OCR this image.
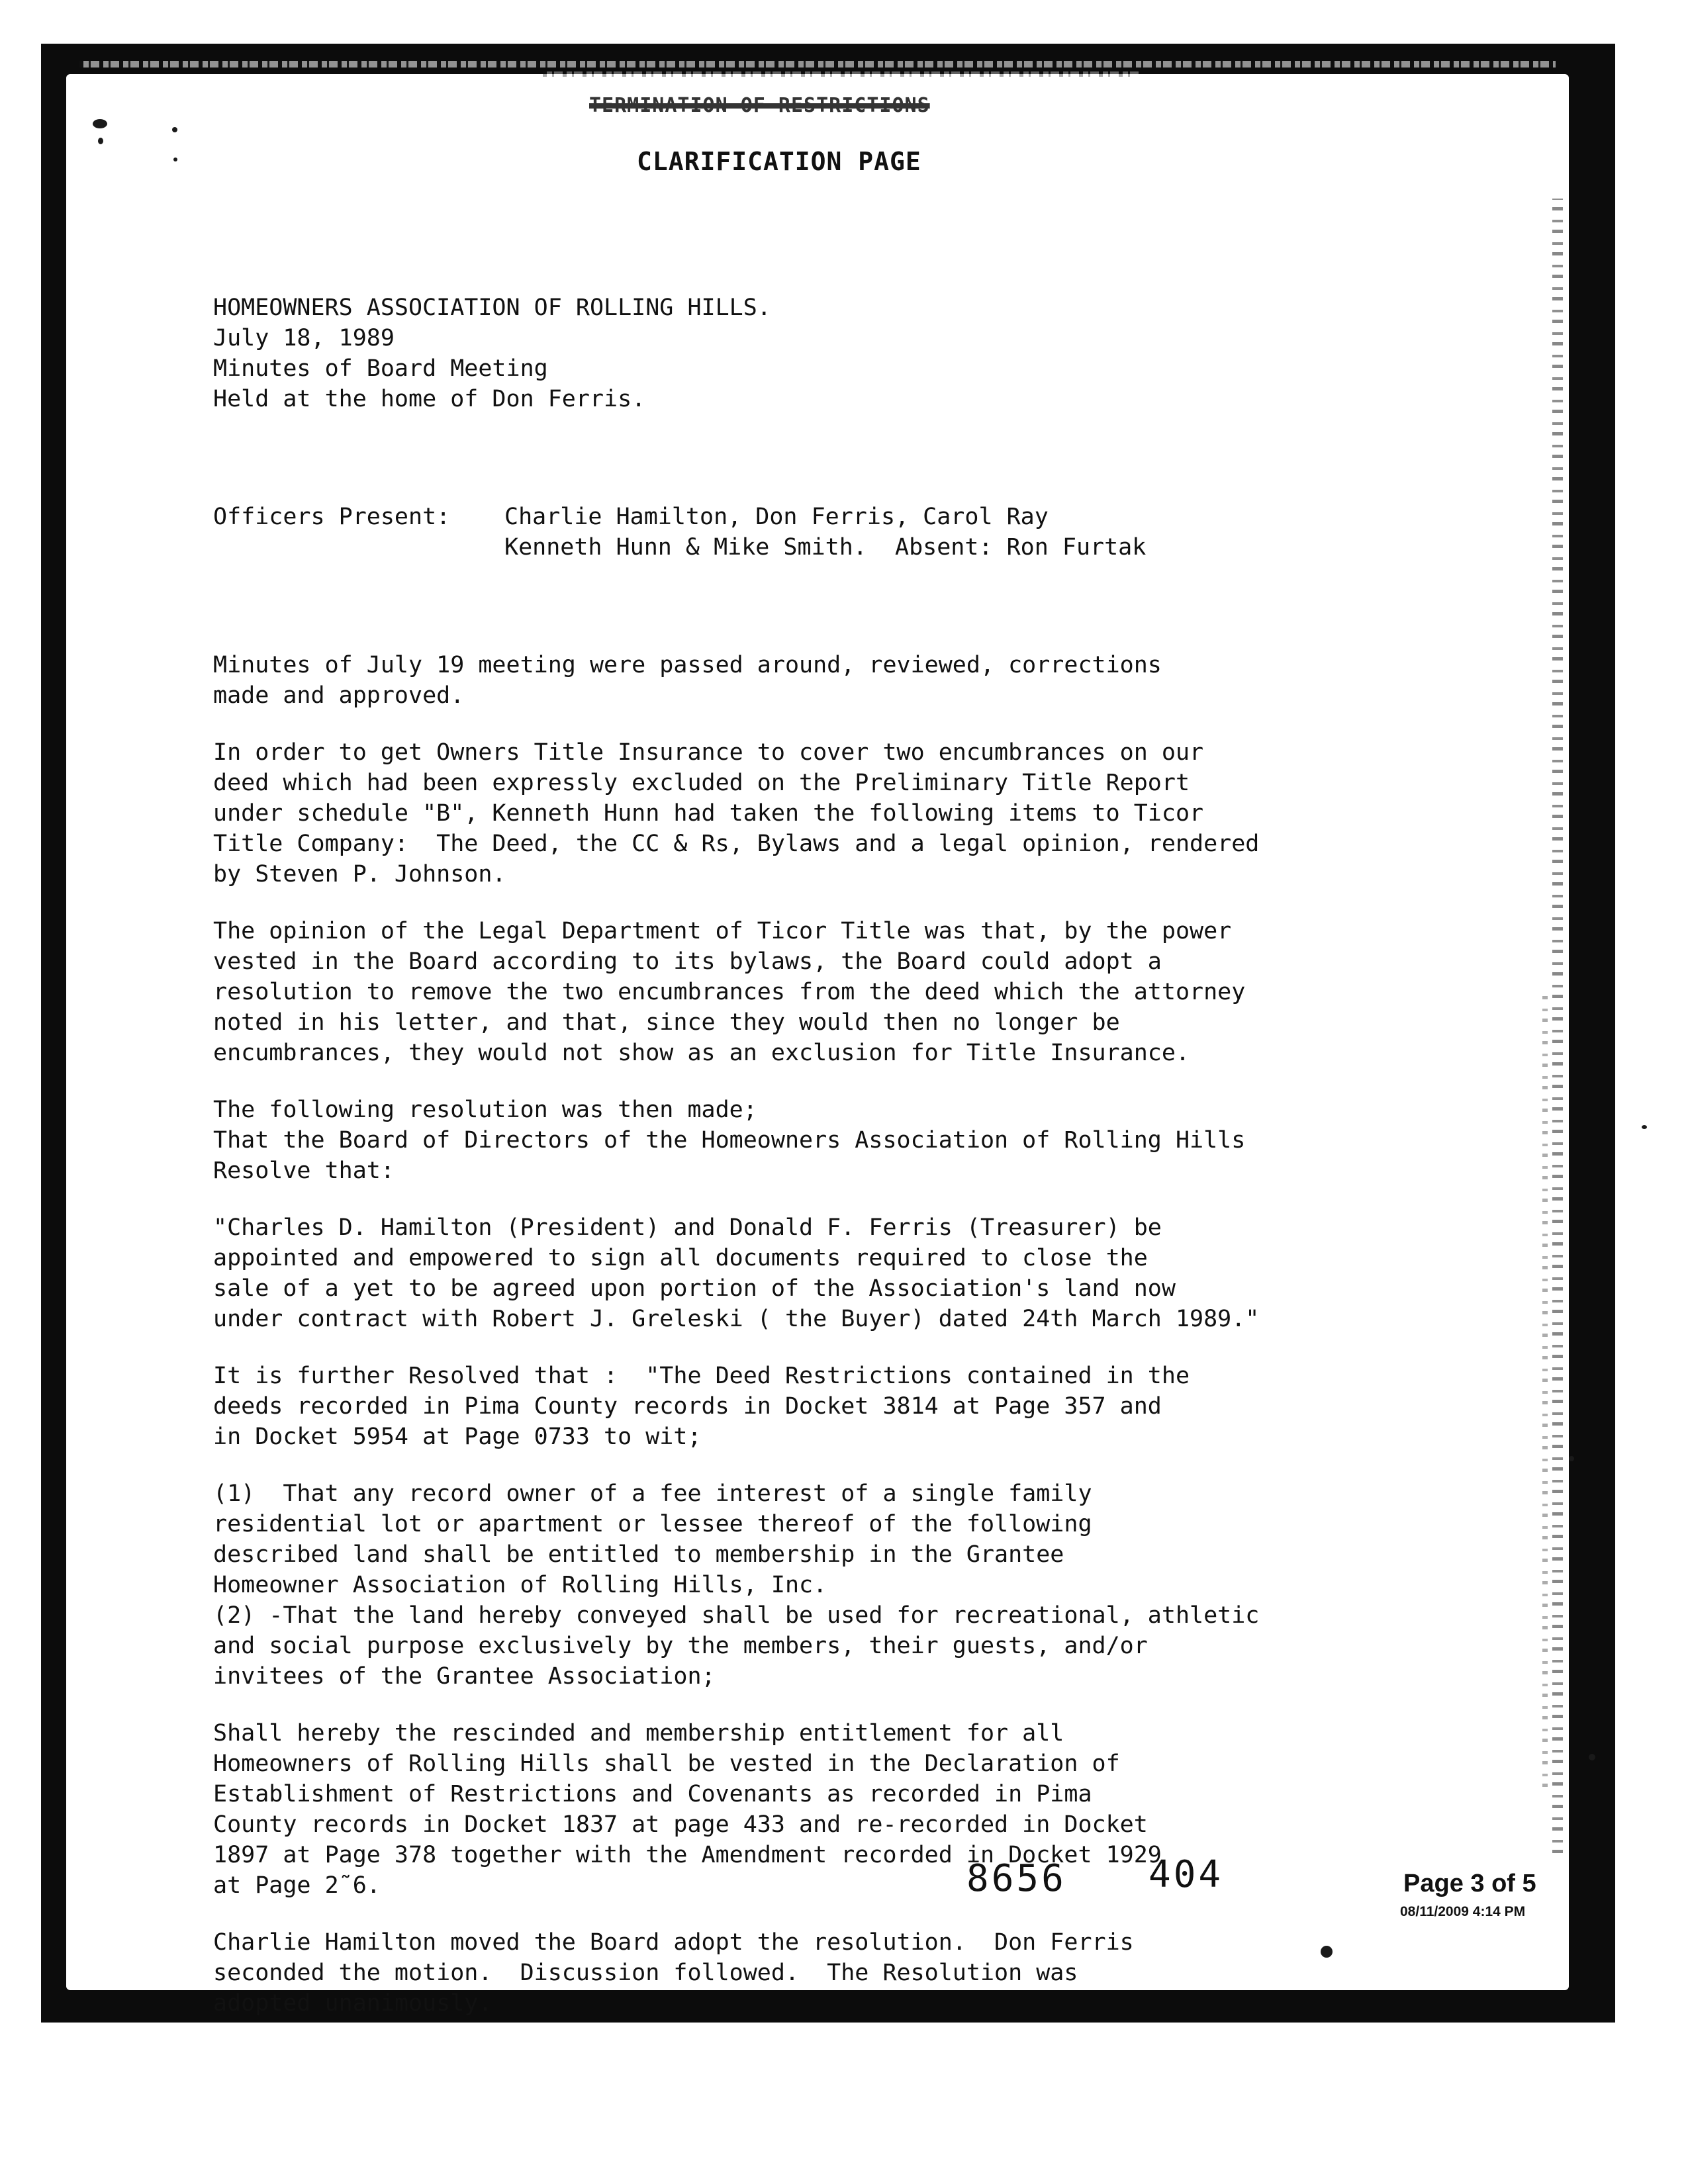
TERMINATION OF RESTRICTIONS
CLARIFICATION PAGE

HOMEOWNERS ASSOCIATION OF ROLLING HILLS.
July 18, 1989
Minutes of Board Meeting
Held at the home of Don Ferris.

Officers Present:	Charlie Hamilton, Don Ferris, Carol Ray
Kenneth Hunn & Mike Smith.  Absent: Ron Furtak

Minutes of July 19 meeting were passed around, reviewed, corrections
made and approved.
In order to get Owners Title Insurance to cover two encumbrances on our
deed which had been expressly excluded on the Preliminary Title Report
under schedule "B", Kenneth Hunn had taken the following items to Ticor
Title Company:  The Deed, the CC & Rs, Bylaws and a legal opinion, rendered
by Steven P. Johnson.
The opinion of the Legal Department of Ticor Title was that, by the power
vested in the Board according to its bylaws, the Board could adopt a
resolution to remove the two encumbrances from the deed which the attorney
noted in his letter, and that, since they would then no longer be
encumbrances, they would not show as an exclusion for Title Insurance.
The following resolution was then made;
That the Board of Directors of the Homeowners Association of Rolling Hills
Resolve that:
"Charles D. Hamilton (President) and Donald F. Ferris (Treasurer) be
appointed and empowered to sign all documents required to close the
sale of a yet to be agreed upon portion of the Association's land now
under contract with Robert J. Greleski ( the Buyer) dated 24th March 1989."
It is further Resolved that :  "The Deed Restrictions contained in the
deeds recorded in Pima County records in Docket 3814 at Page 357 and
in Docket 5954 at Page 0733 to wit;
(1)  That any record owner of a fee interest of a single family
residential lot or apartment or lessee thereof of the following
described land shall be entitled to membership in the Grantee
Homeowner Association of Rolling Hills, Inc.
(2) -That the land hereby conveyed shall be used for recreational, athletic
and social purpose exclusively by the members, their guests, and/or
invitees of the Grantee Association;
Shall hereby the rescinded and membership entitlement for all
Homeowners of Rolling Hills shall be vested in the Declaration of
Establishment of Restrictions and Covenants as recorded in Pima
County records in Docket 1837 at page 433 and re-recorded in Docket
1897 at Page 378 together with the Amendment recorded in Docket 1929
at Page 2˜6.
Charlie Hamilton moved the Board adopt the resolution.  Don Ferris
seconded the motion.  Discussion followed.  The Resolution was
adopted unanimously.

8656 404	Page 3 of 5
08/11/2009 4:14 PM
